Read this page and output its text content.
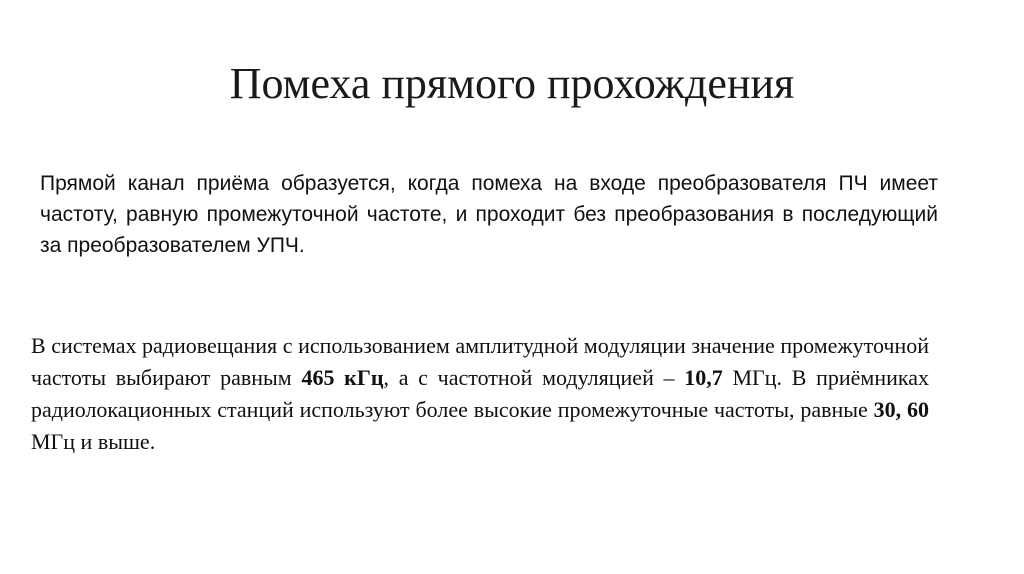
Помеха прямого прохождения

Прямой канал приёма образуется, когда помеха на входе преобразователя ПЧ имеет частоту, равную промежуточной частоте, и проходит без преобразования в последующий за преобразователем УПЧ.

В системах радиовещания с использованием амплитудной модуляции значение промежуточной частоты выбирают равным 465 кГц, а с частотной модуляцией – 10,7 МГц. В приёмниках радиолокационных станций используют более высокие промежуточные частоты, равные 30, 60 МГц и выше.
